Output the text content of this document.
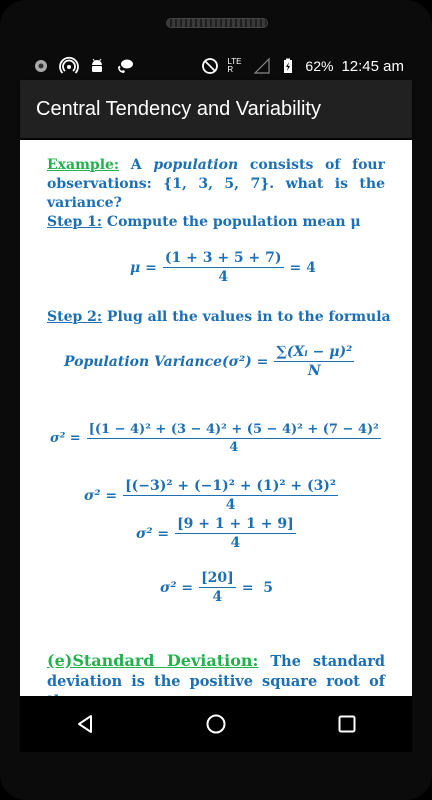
LTE R	62% 12:45 am
Central Tendency and Variability
Example: A population consists of four observations: {1, 3, 5, 7}. what is the variance?
Step 1: Compute the population mean μ
$\mu = \frac{(1 + 3 + 5 + 7)}{4} = 4$
Step 2: Plug all the values in to the formula
Population Variance(σ²) = $\frac{\text{∑(Xᵢ − μ)²}}{N}$
$\sigma^2 = \frac{\text{[(1 − 4)² + (3 − 4)² + (5 − 4)² + (7 − 4)²}}{4}$
$\sigma^2 = \frac{\text{[(−3)² + (−1)² + (1)² + (3)²}}{4}$
$\sigma^2 = \frac{[9 + 1 + 1 + 9]}{4}$
$\sigma^2 = \frac{[20]}{4} = 5$
(e)Standard Deviation: The standard deviation is the positive square root of
